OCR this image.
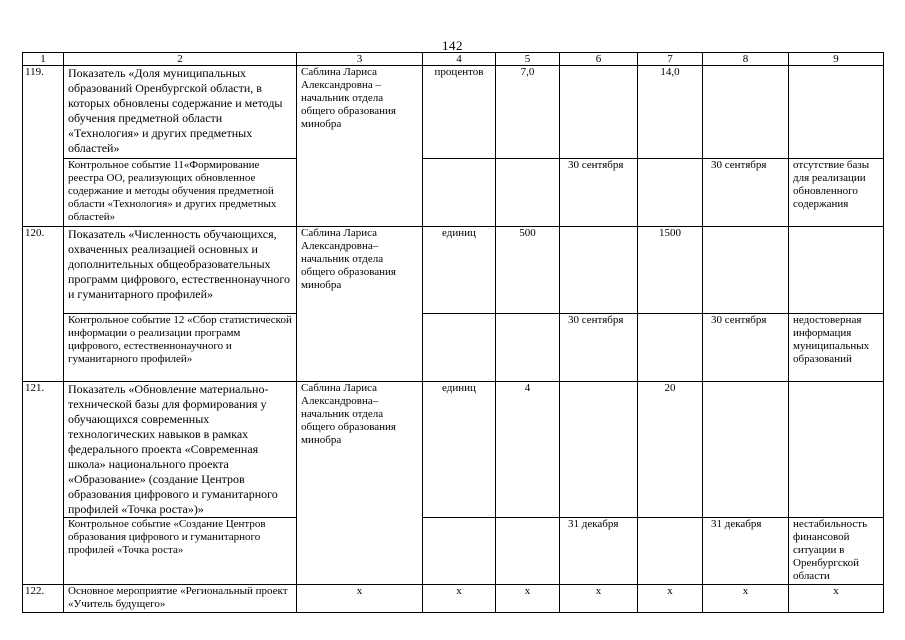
142
1	2	3	4	5	6	7	8	9
119.	Показатель «Доля муниципальных образований Оренбургской области, в которых обновлены содержание и методы обучения предметной области «Технология» и других предметных областей»	Саблина Лариса Александровна – начальник отдела общего образования минобра	процентов	7,0		14,0		
	Контрольное событие 11«Формирование реестра ОО, реализующих обновленное содержание и методы обучения предметной области «Технология» и других предметных областей»				30 сентября		30 сентября	отсутствие базы для реализации обновленного содержания
120.	Показатель «Численность обучающихся, охваченных реализацией основных и дополнительных общеобразовательных программ цифрового, естественнонаучного и гуманитарного профилей»	Саблина Лариса Александровна– начальник отдела общего образования минобра	единиц	500		1500		
	Контрольное событие 12 «Сбор статистической информации о реализации программ цифрового, естественнонаучного и гуманитарного профилей»				30 сентября		30 сентября	недостоверная информация муниципальных образований
121.	Показатель «Обновление материально-технической базы для формирования у обучающихся современных технологических навыков в рамках федерального проекта «Современная школа» национального проекта «Образование» (создание Центров образования цифрового и гуманитарного профилей «Точка роста»)»	Саблина Лариса Александровна– начальник отдела общего образования минобра	единиц	4		20		
	Контрольное событие «Создание Центров образования цифрового и гуманитарного профилей «Точка роста»				31 декабря		31 декабря	нестабильность финансовой ситуации в Оренбургской области
122.	Основное мероприятие «Региональный проект «Учитель будущего»	х	х	х	х	х	х	х
